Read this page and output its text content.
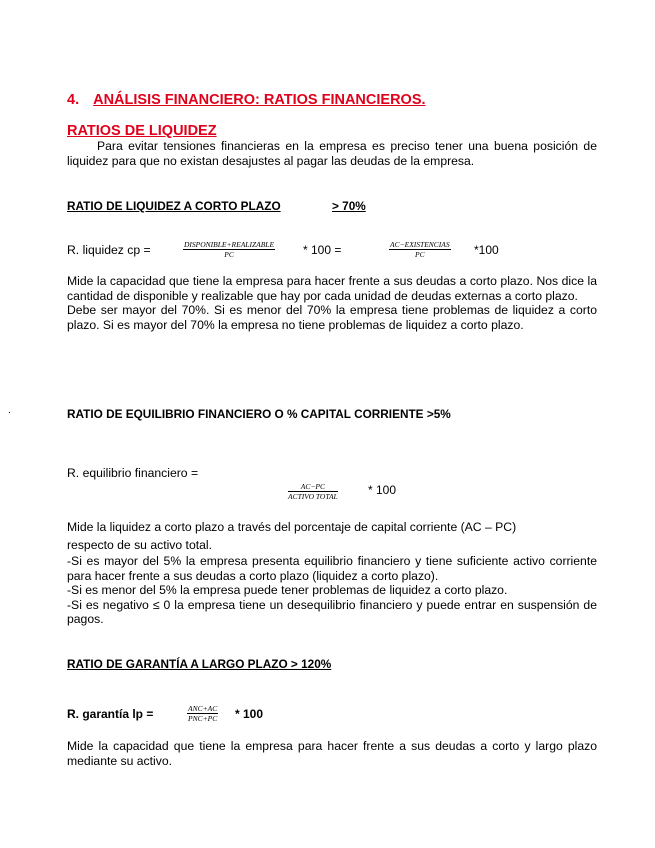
4. ANÁLISIS FINANCIERO: RATIOS FINANCIEROS.
RATIOS DE LIQUIDEZ

Para evitar tensiones financieras en la empresa es preciso tener una buena posición de liquidez para que no existan desajustes al pagar las deudas de la empresa.

RATIO DE LIQUIDEZ A CORTO PLAZO	> 70%
R. liquidez cp =	DISPONIBLE+REALIZABLE
PC	* 100 =	AC−EXISTENCIAS
PC	*100

Mide la capacidad que tiene la empresa para hacer frente a sus deudas a corto plazo. Nos dice la cantidad de disponible y realizable que hay por cada unidad de deudas externas a corto plazo.

Debe ser mayor del 70%. Si es menor del 70% la empresa tiene problemas de liquidez a corto plazo. Si es mayor del 70% la empresa no tiene problemas de liquidez a corto plazo.

.	RATIO DE EQUILIBRIO FINANCIERO O % CAPITAL CORRIENTE >5%
R. equilibrio financiero =
AC−PC
ACTIVO TOTAL	* 100

Mide la liquidez a corto plazo a través del porcentaje de capital corriente (AC – PC)

respecto de su activo total.

-Si es mayor del 5% la empresa presenta equilibrio financiero y tiene suficiente activo corriente para hacer frente a sus deudas a corto plazo (liquidez a corto plazo).

-Si es menor del 5% la empresa puede tener problemas de liquidez a corto plazo.

-Si es negativo ≤ 0 la empresa tiene un desequilibrio financiero y puede entrar en suspensión de pagos.

RATIO DE GARANTÍA A LARGO PLAZO > 120%
R. garantía lp =	ANC+AC
PNC+PC * 100

Mide la capacidad que tiene la empresa para hacer frente a sus deudas a corto y largo plazo mediante su activo.
